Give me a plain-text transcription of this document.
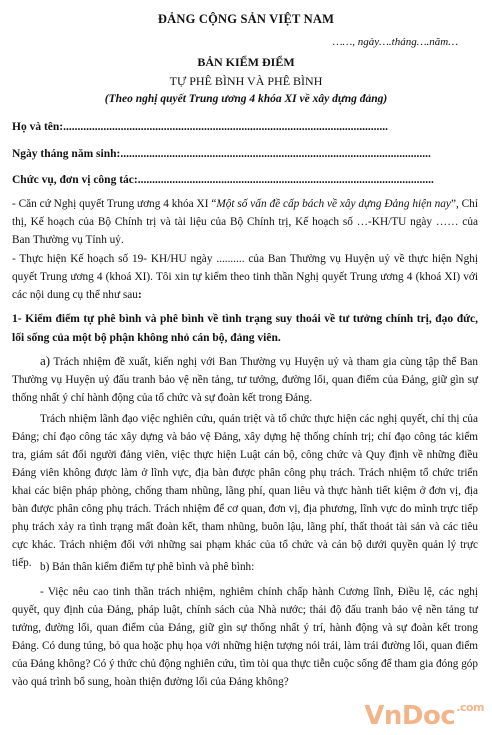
ĐẢNG CỘNG SẢN VIỆT NAM
……, ngày….tháng….năm…
BẢN KIỂM ĐIỂM
TỰ PHÊ BÌNH VÀ PHÊ BÌNH
(Theo nghị quyết Trung ương 4 khóa XI về xây dựng đảng)
Họ và tên:.................................................................................................................
Ngày tháng năm sinh:............................................................................................................
Chức vụ, đơn vị công tác:.......................................................................................................
- Căn cứ Nghị quyết Trung ương 4 khóa XI “Một số vấn đề cấp bách về xây dựng Đảng hiện nay”, Chỉ thị, Kế hoạch của Bộ Chính trị và tài liệu của Bộ Chính trị, Kế hoạch số …-KH/TU ngày …… của Ban Thường vụ Tỉnh uỷ.
- Thực hiện Kế hoạch số 19- KH/HU ngày .......... của Ban Thường vụ Huyện uỷ về thực hiện Nghị quyết Trung ương 4 (khoá XI). Tôi xin tự kiểm theo tinh thần Nghị quyết Trung ương 4 (khoá XI) với các nội dung cụ thể như sau:
1- Kiểm điểm tự phê bình và phê bình về tình trạng suy thoái về tư tưởng chính trị, đạo đức, lối sống của một bộ phận không nhỏ cán bộ, đảng viên.
a) Trách nhiệm đề xuất, kiến nghị với Ban Thường vụ Huyện uỷ và tham gia cùng tập thể Ban Thường vụ Huyện uỷ đấu tranh bảo vệ nền tảng, tư tưởng, đường lối, quan điểm của Đảng, giữ gìn sự thống nhất ý chí hành động của tổ chức và sự đoàn kết trong Đảng.
Trách nhiệm lãnh đạo việc nghiên cứu, quán triệt và tổ chức thực hiện các nghị quyết, chỉ thị của Đảng; chỉ đạo công tác xây dựng và bảo vệ Đảng, xây dựng hệ thống chính trị; chỉ đạo công tác kiểm tra, giám sát đối người đảng viên, việc thực hiện Luật cán bộ, công chức và Quy định về những điều Đảng viên không được làm ở lĩnh vực, địa bàn được phân công phụ trách. Trách nhiệm tổ chức triển khai các biện pháp phòng, chống tham nhũng, lãng phí, quan liêu và thực hành tiết kiệm ở đơn vị, địa bàn được phân công phụ trách. Trách nhiệm để cơ quan, đơn vị, địa phương, lĩnh vực do mình trực tiếp phụ trách xảy ra tình trạng mất đoàn kết, tham nhũng, buôn lậu, lãng phí, thất thoát tài sản và các tiêu cực khác. Trách nhiệm đối với những sai phạm khác của tổ chức và cán bộ dưới quyền quản lý trực tiếp. b) Bản thân kiểm điểm tự phê bình và phê bình:
- Việc nêu cao tinh thần trách nhiệm, nghiêm chỉnh chấp hành Cương lĩnh, Điều lệ, các nghị quyết, quy định của Đảng, pháp luật, chính sách của Nhà nước; thái độ đấu tranh bảo vệ nền tảng tư tưởng, đường lối, quan điểm của Đảng, giữ gìn sự thống nhất ý trí, hành động và sự đoàn kết trong Đảng. Có dung túng, bỏ qua hoặc phụ họa với những hiện tượng nói trái, làm trái đường lối, quan điểm của Đảng không? Có ý thức chủ động nghiên cứu, tìm tòi qua thực tiễn cuộc sống để tham gia đóng góp vào quá trình bổ sung, hoàn thiện đường lối của Đảng không?
VnDoc$^{.com}$
